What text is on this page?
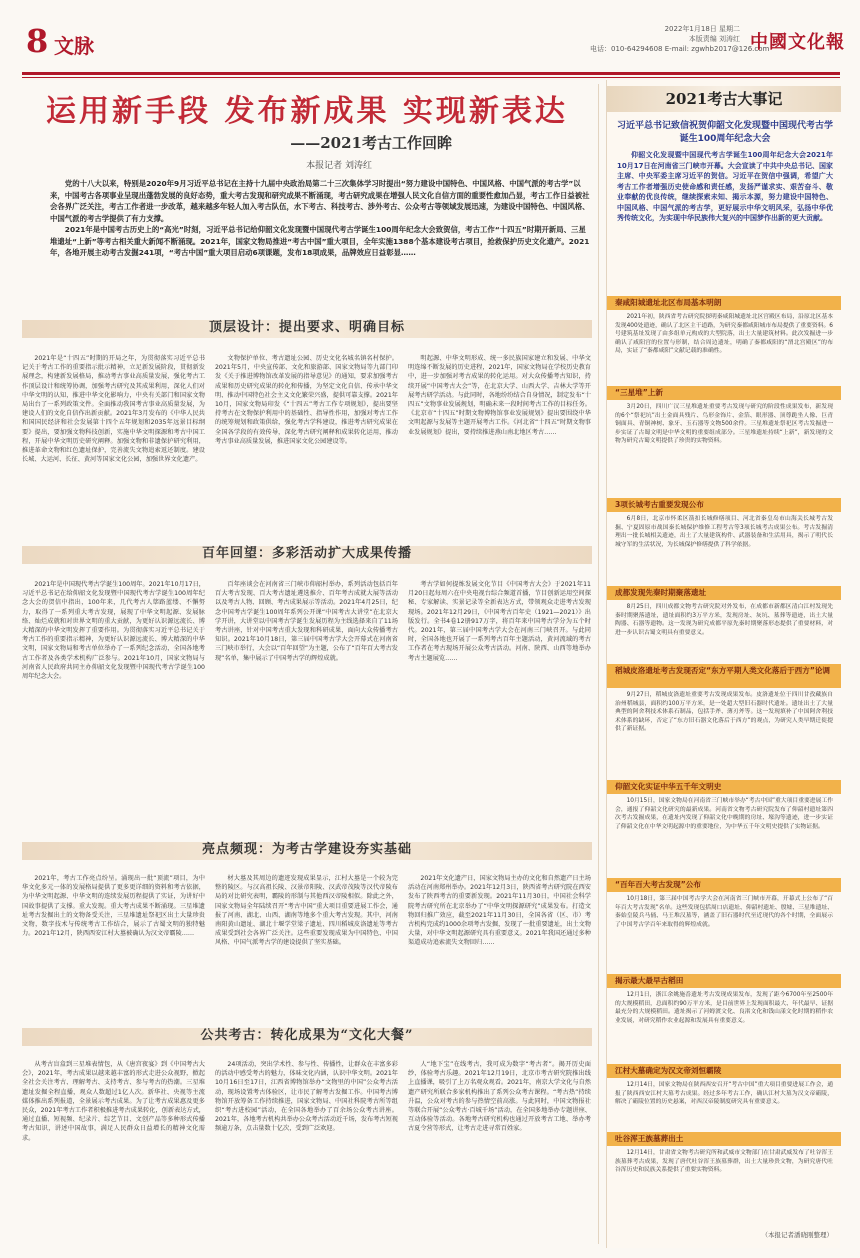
8 文脉
2022年1月18日 星期二
本版责编 刘涛红
电话：010-64294608 E-mail: zgwhb2017@126.com
中國文化報
运用新手段 发布新成果 实现新表达
——2021考古工作回眸
本报记者 刘涛红

党的十八大以来，特别是2020年9月习近平总书记在主持十九届中央政治局第二十三次集体学习时提出“努力建设中国特色、中国风格、中国气派的考古学”以来，中国考古各项事业呈现出蓬勃发展的良好态势，重大考古发现和研究成果不断涌现，考古研究成果在增强人民文化自信方面的重要性愈加凸显，考古工作日益被社会各界广泛关注，考古工作者进一步改革，越来越多年轻人加入考古队伍，水下考古、科技考古、涉外考古、公众考古等领域发展迅速，为建设中国特色、中国风格、中国气派的考古学提供了有力支撑。

2021年是中国考古历史上的“高光”时刻，习近平总书记给仰韶文化发现暨中国现代考古学诞生100周年纪念大会致贺信，考古工作“十四五”时期开新局、三星堆遗址“上新”等考古相关重大新闻不断涌现。2021年，国家文物局推进“考古中国”重大项目，全年实施1388个基本建设考古项目，抢救保护历史文化遗产。2021年，各地开展主动考古发掘241项，“考古中国”重大项目启动6项课题，发布18项成果，品牌效应日益彰显……

顶层设计：提出要求、明确目标

2021年是“十四五”时期的开局之年，为贯彻落实习近平总书记关于考古工作的重要指示批示精神，立足新发展阶段，贯彻新发展理念，构建新发展格局，推动考古事业高质量发展，强化考古工作顶层设计和统筹协调，加强考古研究及其成果利用，深化人们对中华文明的认知，推进中华文化影响力，中央有关部门和国家文物局出台了一系列政策文件。全面推动我国考古事业高质量发展，为建设人们的文化自信作出新贡献。2021年3月发布的《中华人民共和国国民经济和社会发展第十四个五年规划和2035年远景目标纲要》提出，要加强文物科技创新，实施中华文明探源和考古中国工程，开展中华文明历史研究阐释。加强文物和非遗保护研究利用，推进革命文物和红色遗址保护，完善流失文物追索返还制度。建设长城、大运河、长征、黄河等国家文化公园，加强世界文化遗产。

文物保护单位、考古遗址公园、历史文化名城名镇名村保护。2021年5月，中央宣传部、文化和旅游部、国家文物局等九部门印发《关于推进博物馆改革发展的指导意见》的通知，要求加强考古成果和历史研究成果的转化和传播，为坚定文化自信、传承中华文明、推动中国特色社会主义文化繁荣兴盛，提供可靠支撑。2021年10月，国家文物局印发《“十四五”考古工作专项规划》，提出要坚持考古在文物保护利用中的基础性、指导性作用，加强对考古工作的统筹规划和政策供给，强化考古学科建设，推进考古研究成果在全国各学段的有效传导，深化考古研究阐释和成果转化运用，推动考古事业高质量发展，推进国家文化公园建设等。

明起源、中华文明形成、统一多民族国家建立和发展、中华文明连绵不断发展的历史进程，2021年，国家文物局在学校历史教育中，进一步加强对考古成果的转化运用。对大众传播考古知识，持续开展“中国考古大会”等，在北京大学、山西大学、吉林大学等开展考古研学活动。与此同时，各地纷纷结合自身情况，制定发布“十四五”文物事业发展规划，明确未来一段时间考古工作的目标任务。《北京市“十四五”时期文物博物馆事业发展规划》提出要围绕中华文明起源与发展等主题开展考古工作。《河北省“十四五”时期文物事业发展规划》提出，要持续推进燕山南北地区考古……

百年回望：多彩活动扩大成果传播

2021年是中国现代考古学诞生100周年。2021年10月17日，习近平总书记在给仰韶文化发现暨中国现代考古学诞生100周年纪念大会的贺信中指出，100年来，几代考古人筚路蓝缕、不懈努力，取得了一系列重大考古发现，展现了中华文明起源、发展脉络、灿烂成就和对世界文明的重大贡献，为更好认识源远流长、博大精深的中华文明发挥了重要作用。为贯彻落实习近平总书记关于考古工作的重要指示精神，为更好认识源远流长、博大精深的中华文明，国家文物局和考古单位举办了一系列纪念活动，全国各地考古工作者及各类学术机构广泛参与。2021年10月，国家文物局与河南省人民政府共同主办仰韶文化发现暨中国现代考古学诞生100周年纪念大会。

百年座谈会在河南省三门峡市仰韶村举办，系列活动包括百年百大考古发现、百大考古遗址遴选推介、百年考古成就大展等活动以及考古人物、回顾、考古成果展示等活动。2021年4月25日，纪念中国考古学诞生100周年系列公开课“中国考古大讲堂”在北京大学开讲，大讲堂以中国考古学诞生发展历程为主线选择来自了11场考古讲座，针对中国考古重大发现和科研成果，面向大众传播考古知识。2021年10月18日，第三届中国考古学大会开幕式在河南省三门峡市举行，大会以“百年回望”为主题，公布了“百年百大考古发现”名单，集中展示了中国考古学的辉煌成就。

考古学如何提炼发展文化节目《中国考古大会》于2021年11月20日起每周六在中央电视台综合频道首播，节目创新运用空间探秘、专家解读、实景记录等全新表达方式，带领观众走进考古发现现场。2021年12月29日，《中国考古百年史（1921—2021）》出版发行。全书4卷12册917万字，将百年来中国考古学分为五个时代。2021年，第三届中国考古学大会在河南三门峡召开。与此同时，全国各地也开展了一系列考古百年主题活动，黄河流域的考古工作者在考古现场开展公众考古活动。河南、陕西、山西等地举办考古主题展览……

亮点频现：为考古学建设夯实基础

2021年，考古工作亮点纷呈。涌现出一批“顶流”项目，为中华文化多元一体的发展格局提供了更多更详细的资料和考古依据，为中华文明起源、中华文明的连续发展历程提供了实证，为讲好中国故事提供了支撑。重大发现。重大考古成果不断涌现。三星堆遗址考古发掘出土的文物备受关注，三星堆遗址祭祀区出土大量珍贵文物，数字技术与传统考古工作结合，展示了古蜀文明的独特魅力。2021年12月，陕西西安江村大墓被确认为汉文帝霸陵……

材大墓及其周边的遗迹发现成果显示，江村大墓是一个较为完整的陵区。与汉高祖长陵、汉景帝阳陵、汉武帝茂陵等汉代帝陵布局的对比研究表明，霸陵的形制与其他西汉帝陵相似。除此之外，国家文物局全年陆续召开“考古中国”重大项目重要进展工作会，通报了河南、湖北、山西、湖南等地多个重大考古发现。其中，河南南阳黄山遗址、湖北十堰学堂梁子遗址、四川稻城皮洛遗址等考古成果受到社会各界广泛关注。这些重要发现成果为中国特色、中国风格、中国气派考古学的建设提供了坚实基础。

2021年文化遗产日，国家文物局主办的文化和自然遗产日主场活动在河南郑州举办。2021年12月3日，陕西省考古研究院在西安发布了陕西考古的重要新发现。2021年11月30日，中国社会科学院考古研究所在北京举办了“中华文明探源研究”成果发布。打造文物回归推广效应，截至2021年11月30日，全国各省（区、市）考古机构完成约1000余项考古发掘，发现了一批重要遗址，出土文物大量，对中华文明起源研究具有重要意义。2021年我国还通过多种渠道成功追索流失文物回归……

公共考古：转化成果为“文化大餐”

从考古盲盒到三星堆表情包，从《唐宫夜宴》到《中国考古大会》，2021年，考古成果以越来越丰富的形式走进公众视野，掀起全社会关注考古、理解考古、支持考古、参与考古的热潮。三星堆遗址发掘全程直播，观众人数超过1亿人次。新华社、央视等主流媒体推出系列报道，全景展示考古成果。为了让考古成果惠及更多民众，2021年考古工作者积极推进考古成果转化，创新表达方式，通过直播、短视频、纪录片、综艺节目、文创产品等多种形式传播考古知识，讲述中国故事，满足人民群众日益增长的精神文化需求。

24项活动，突出学术性、参与性、传播性，让群众在丰富多彩的活动中感受考古的魅力，体味文化内涵，认识中华文明。2021年10月16日至17日，江西省博物馆举办“文物里的中国”公众考古活动，现场设置考古体验区，让市民了解考古发掘工作。中国考古博物馆开放筹备工作持续推进，国家文物局、中国社科院考古所等组织“考古进校园”活动，在全国各地举办了百余场公众考古讲座。2021年，各地考古机构共举办公众考古活动近千场，发布考古短视频逾万条，点击量数十亿次，受到广泛欢迎。

人“地下宝”在线考古，我可成为数字“考古者”。揭开历史面纱，体验考古乐趣。2021年12月19日，北京市考古研究院推出线上直播课，吸引了上万名观众观看。2021年，南京大学文化与自然遗产研究所联合多家机构推出了系列公众考古课程。“考古热”持续升温，公众对考古的参与热情空前高涨。与此同时，中国文物报社等联合开展“公众考古·百城千场”活动，在全国多地举办专题讲座、互动体验等活动。各地考古研究机构也通过开放考古工地、举办考古夏令营等形式，让考古走进寻常百姓家。

2021考古大事记
习近平总书记致信祝贺仰韶文化发现暨中国现代考古学诞生100周年纪念大会
仰韶文化发现暨中国现代考古学诞生100周年纪念大会2021年10月17日在河南省三门峡市开幕。大会宣读了中共中央总书记、国家主席、中央军委主席习近平的贺信。习近平在贺信中强调，希望广大考古工作者增强历史使命感和责任感，发扬严谨求实、艰苦奋斗、敬业奉献的优良传统，继续探索未知、揭示本源，努力建设中国特色、中国风格、中国气派的考古学，更好展示中华文明风采，弘扬中华优秀传统文化，为实现中华民族伟大复兴的中国梦作出新的更大贡献。
秦咸阳城遗址北区布局基本明朗
2021年初，陕西省考古研究院探明秦咸阳城遗址北区宫殿区布局，沿原北区基本发现400处遗迹，确认了北区主干道路，为研究秦都咸阳城市布局提供了重要资料。6号建筑基址发现了由多组单元构成的大型院落，出土大量建筑材料。此次发掘进一步确认了咸阳宫的位置与形制，结合周边遗址，明确了秦都咸阳的“渭北宫殿区”的布局，实证了“秦都咸阳”文献记载的准确性。
“三星堆”上新
3月20日，四川广汉三星堆遗址重要考古发现与研究的阶段性成果发布，新发现的6个“祭祀坑”出土金面具残片、鸟形金饰片、金箔、眼形器、顶尊跪坐人像、巨青铜面具、青铜神树、象牙、玉石器等文物500余件。三星堆遗址祭祀区考古发掘进一步实证了古蜀文明是中华文明的重要组成部分。三星堆遗址持续“上新”，新发现的文物为研究古蜀文明提供了珍贵的实物资料。
3项长城考古重要发现公布
6月8日，北京市怀柔区箭扣长城修缮项目、河北省秦皇岛市山海关长城考古发掘、宁夏固原市战国秦长城保护维修工程考古等3项长城考古成果公布。考古发掘清理出一批长城相关遗迹，出土了大量建筑构件、武器装备和生活用具，揭示了明代长城守军的生活状况，为长城保护修缮提供了科学依据。
成都发现先秦时期聚落遗址
8月25日，四川成都文物考古研究院对外发布，在成都市新都区清白江村发现先秦时期聚落遗址，遗址面积约3万平方米，发现房址、灰坑、墓葬等遗迹，出土大量陶器、石器等遗物。这一发现为研究成都平原先秦时期聚落形态提供了重要材料，对进一步认识古蜀文明具有重要意义。
稻城皮洛遗址考古发现否定“东方平期人类文化落后于西方”论调
9月27日，稻城皮洛遗址重要考古发现成果发布。皮洛遗址位于四川甘孜藏族自治州稻城县，面积约100万平方米，是一处超大型旧石器时代遗址。遗址出土了大量典型的阿舍利技术体系石制品，包括手斧、薄刃斧等。这一发现填补了中国阿舍利技术体系的缺环，否定了“东方旧石器文化落后于西方”的观点，为研究人类早期迁徙提供了新证据。
仰韶文化实证中华五千年文明史
10月15日，国家文物局在河南省三门峡市举办“考古中国”重大项目重要进展工作会，通报了仰韶文化研究的最新成果。河南省文物考古研究院发布了仰韶村遗址第四次考古发掘成果，在遗址内发现了仰韶文化中晚期的房址、壕沟等遗迹，进一步实证了仰韶文化在中华文明起源中的重要地位，为中华五千年文明史提供了实物证据。
“百年百大考古发现”公布
10月18日，第三届中国考古学大会在河南省三门峡市开幕，开幕式上公布了“百年百大考古发现”名单。这些发现包括周口店遗址、仰韶村遗址、殷墟、三星堆遗址、秦始皇陵兵马俑、马王堆汉墓等，涵盖了旧石器时代至近现代的各个时期，全面展示了中国考古学百年来取得的辉煌成就。
揭示最大最早古稻田
12月1日，浙江余姚施岙遗址考古发现成果发布，发现了距今6700年至2500年的大规模稻田，总面积约90万平方米，是目前世界上发现面积最大、年代最早、证据最充分的大规模稻田。遗址揭示了河姆渡文化、良渚文化和钱山漾文化时期的稻作农业发展，对研究稻作农业起源和发展具有重要意义。
江村大墓确定为汉文帝刘恒霸陵
12月14日，国家文物局在陕西西安召开“考古中国”重大项目重要进展工作会，通报了陕西西安江村大墓考古成果。经过多年考古工作，确认江村大墓为汉文帝霸陵，解决了霸陵位置的历史悬案，对西汉帝陵制度研究具有重要意义。
吐谷浑王族墓葬出土
12月14日，甘肃省文物考古研究所和武威市文物部门在甘肃武威发布了吐谷浑王族墓葬考古成果，发现了唐代吐谷浑王族墓葬群，出土大量珍贵文物，为研究唐代吐谷浑历史和民族关系提供了重要实物资料。
（本报记者潘晓刚整理）
